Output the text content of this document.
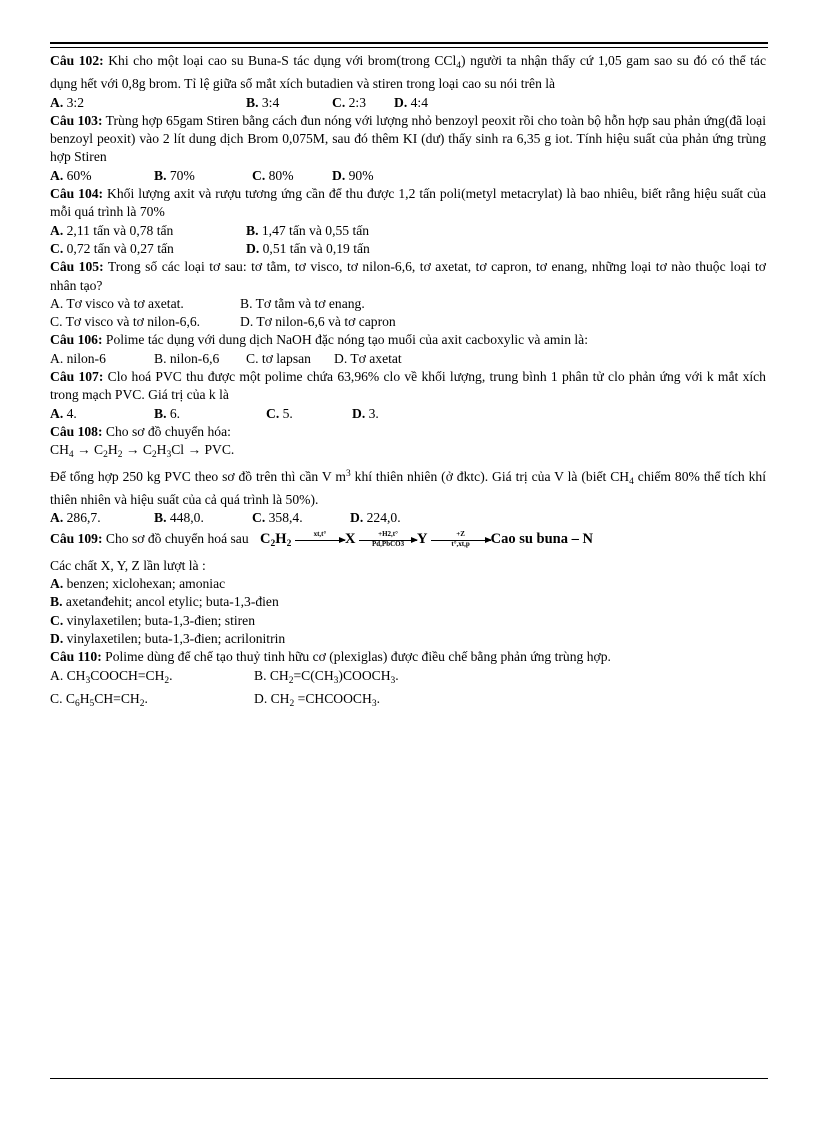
Câu 102: Khi cho một loại cao su Buna-S tác dụng với brom(trong CCl$_4$) người ta nhận thấy cứ 1,05 gam sao su đó có thể tác dụng hết với 0,8g brom. Tỉ lệ giữa số mắt xích butadien và stiren trong loại cao su nói trên là
A. 3:2	B. 3:4	C. 2:3	D. 4:4
Câu 103: Trùng hợp 65gam Stiren bằng cách đun nóng với lượng nhỏ benzoyl peoxit rồi cho toàn bộ hỗn hợp sau phản ứng(đã loại benzoyl peoxit) vào 2 lít dung dịch Brom 0,075M, sau đó thêm KI (dư) thấy sinh ra 6,35 g iot. Tính hiệu suất của phản ứng trùng hợp Stiren
A. 60%	B. 70%	C. 80%	D. 90%
Câu 104: Khối lượng axit và rượu tương ứng cần để thu được 1,2 tấn poli(metyl metacrylat) là bao nhiêu, biết rằng hiệu suất của mỗi quá trình là 70%
A. 2,11 tấn và 0,78 tấn	B. 1,47 tấn và 0,55 tấn
C. 0,72 tấn và 0,27 tấn	D. 0,51 tấn và 0,19 tấn
Câu 105: Trong số các loại tơ sau: tơ tằm, tơ visco, tơ nilon-6,6, tơ axetat, tơ capron, tơ enang, những loại tơ nào thuộc loại tơ nhân tạo?
A. Tơ visco và tơ axetat.	B. Tơ tằm và tơ enang.
C. Tơ visco và tơ nilon-6,6.	D. Tơ nilon-6,6 và tơ capron
Câu 106: Polime tác dụng với dung dịch NaOH đặc nóng tạo muối của axit cacboxylic và amin là:
A. nilon-6	B. nilon-6,6	C. tơ lapsan	D. Tơ axetat
Câu 107: Clo hoá PVC thu được một polime chứa 63,96% clo về khối lượng, trung bình 1 phân tử clo phản ứng với k mắt xích trong mạch PVC. Giá trị của k là
A. 4.	B. 6.	C. 5.	D. 3.
Câu 108: Cho sơ đồ chuyển hóa:
$CH_4 \to C_2H_2 \to C_2H_3Cl$ → PVC.
Để tổng hợp 250 kg PVC theo sơ đồ trên thì cần V $m^3$ khí thiên nhiên (ở đktc). Giá trị của V là (biết $CH_4$ chiếm 80% thể tích khí thiên nhiên và hiệu suất của cả quá trình là 50%).
A. 286,7.	B. 448,0.	C. 358,4.	D. 224,0.
Câu 109: Cho sơ đồ chuyển hoá sau $C_2H_2$
xt,t°	X	+H2,t°
Pd,PbCO3 Y $\frac{+Z}{t^\circ,xt,p}$ Cao su buna – N
Các chất X, Y, Z lần lượt là :
A. benzen; xiclohexan; amoniac
B. axetanđehit; ancol etylic; buta-1,3-đien
C. vinylaxetilen; buta-1,3-đien; stiren
D. vinylaxetilen; buta-1,3-đien; acrilonitrin
Câu 110: Polime dùng để chế tạo thuỷ tinh hữu cơ (plexiglas) được điều chế bằng phản ứng trùng hợp.
A. $CH_3COOCH=CH_2$.	B. $CH_2=C(CH_3)COOCH_3$.
C. $C_6H_5CH=CH_2$.	D. $CH_2$ $=CHCOOCH_3$.
